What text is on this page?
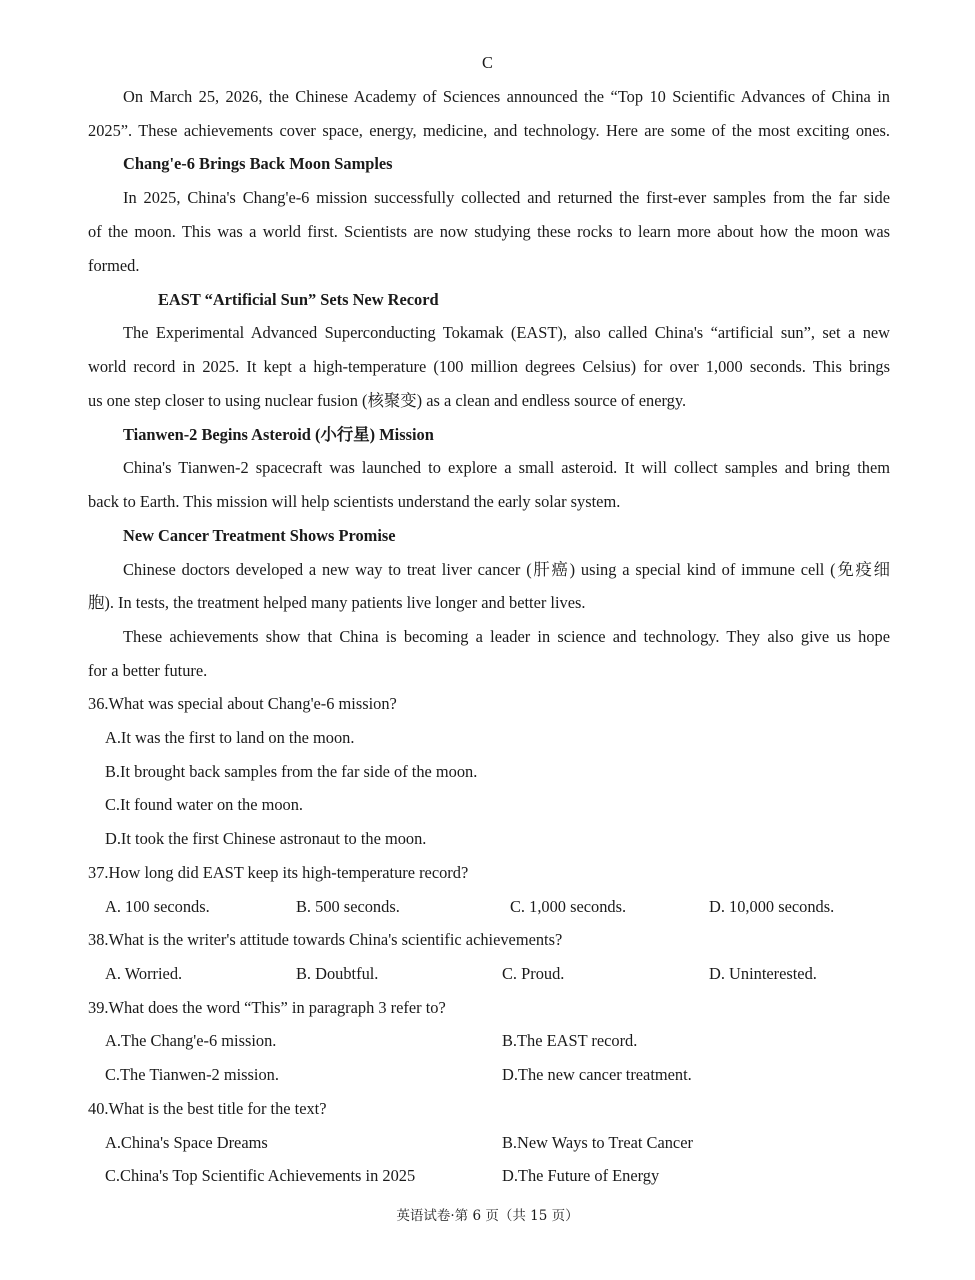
C
On March 25, 2026, the Chinese Academy of Sciences announced the “Top 10 Scientific Advances of China in
2025”. These achievements cover space, energy, medicine, and technology. Here are some of the most exciting ones.
Chang'e-6 Brings Back Moon Samples
In 2025, China's Chang'e-6 mission successfully collected and returned the first-ever samples from the far side
of the moon. This was a world first. Scientists are now studying these rocks to learn more about how the moon was
formed.
EAST “Artificial Sun” Sets New Record
The Experimental Advanced Superconducting Tokamak (EAST), also called China's “artificial sun”, set a new
world record in 2025. It kept a high-temperature (100 million degrees Celsius) for over 1,000 seconds. This brings
us one step closer to using nuclear fusion (核聚变) as a clean and endless source of energy.
Tianwen-2 Begins Asteroid (小行星) Mission
China's Tianwen-2 spacecraft was launched to explore a small asteroid. It will collect samples and bring them
back to Earth. This mission will help scientists understand the early solar system.
New Cancer Treatment Shows Promise
Chinese doctors developed a new way to treat liver cancer (肝癌) using a special kind of immune cell (免疫细
胞). In tests, the treatment helped many patients live longer and better lives.
These achievements show that China is becoming a leader in science and technology. They also give us hope
for a better future.
36.What was special about Chang'e-6 mission?
A.It was the first to land on the moon.
B.It brought back samples from the far side of the moon.
C.It found water on the moon.
D.It took the first Chinese astronaut to the moon.
37.How long did EAST keep its high-temperature record?
A. 100 seconds.	B. 500 seconds.	C. 1,000 seconds.	D. 10,000 seconds.
38.What is the writer's attitude towards China's scientific achievements?
A. Worried.	B. Doubtful.	C. Proud.	D. Uninterested.
39.What does the word “This” in paragraph 3 refer to?
A.The Chang'e-6 mission.	B.The EAST record.
C.The Tianwen-2 mission.	D.The new cancer treatment.
40.What is the best title for the text?
A.China's Space Dreams	B.New Ways to Treat Cancer
C.China's Top Scientific Achievements in 2025	D.The Future of Energy
英语试卷·第 6 页（共 15 页）
